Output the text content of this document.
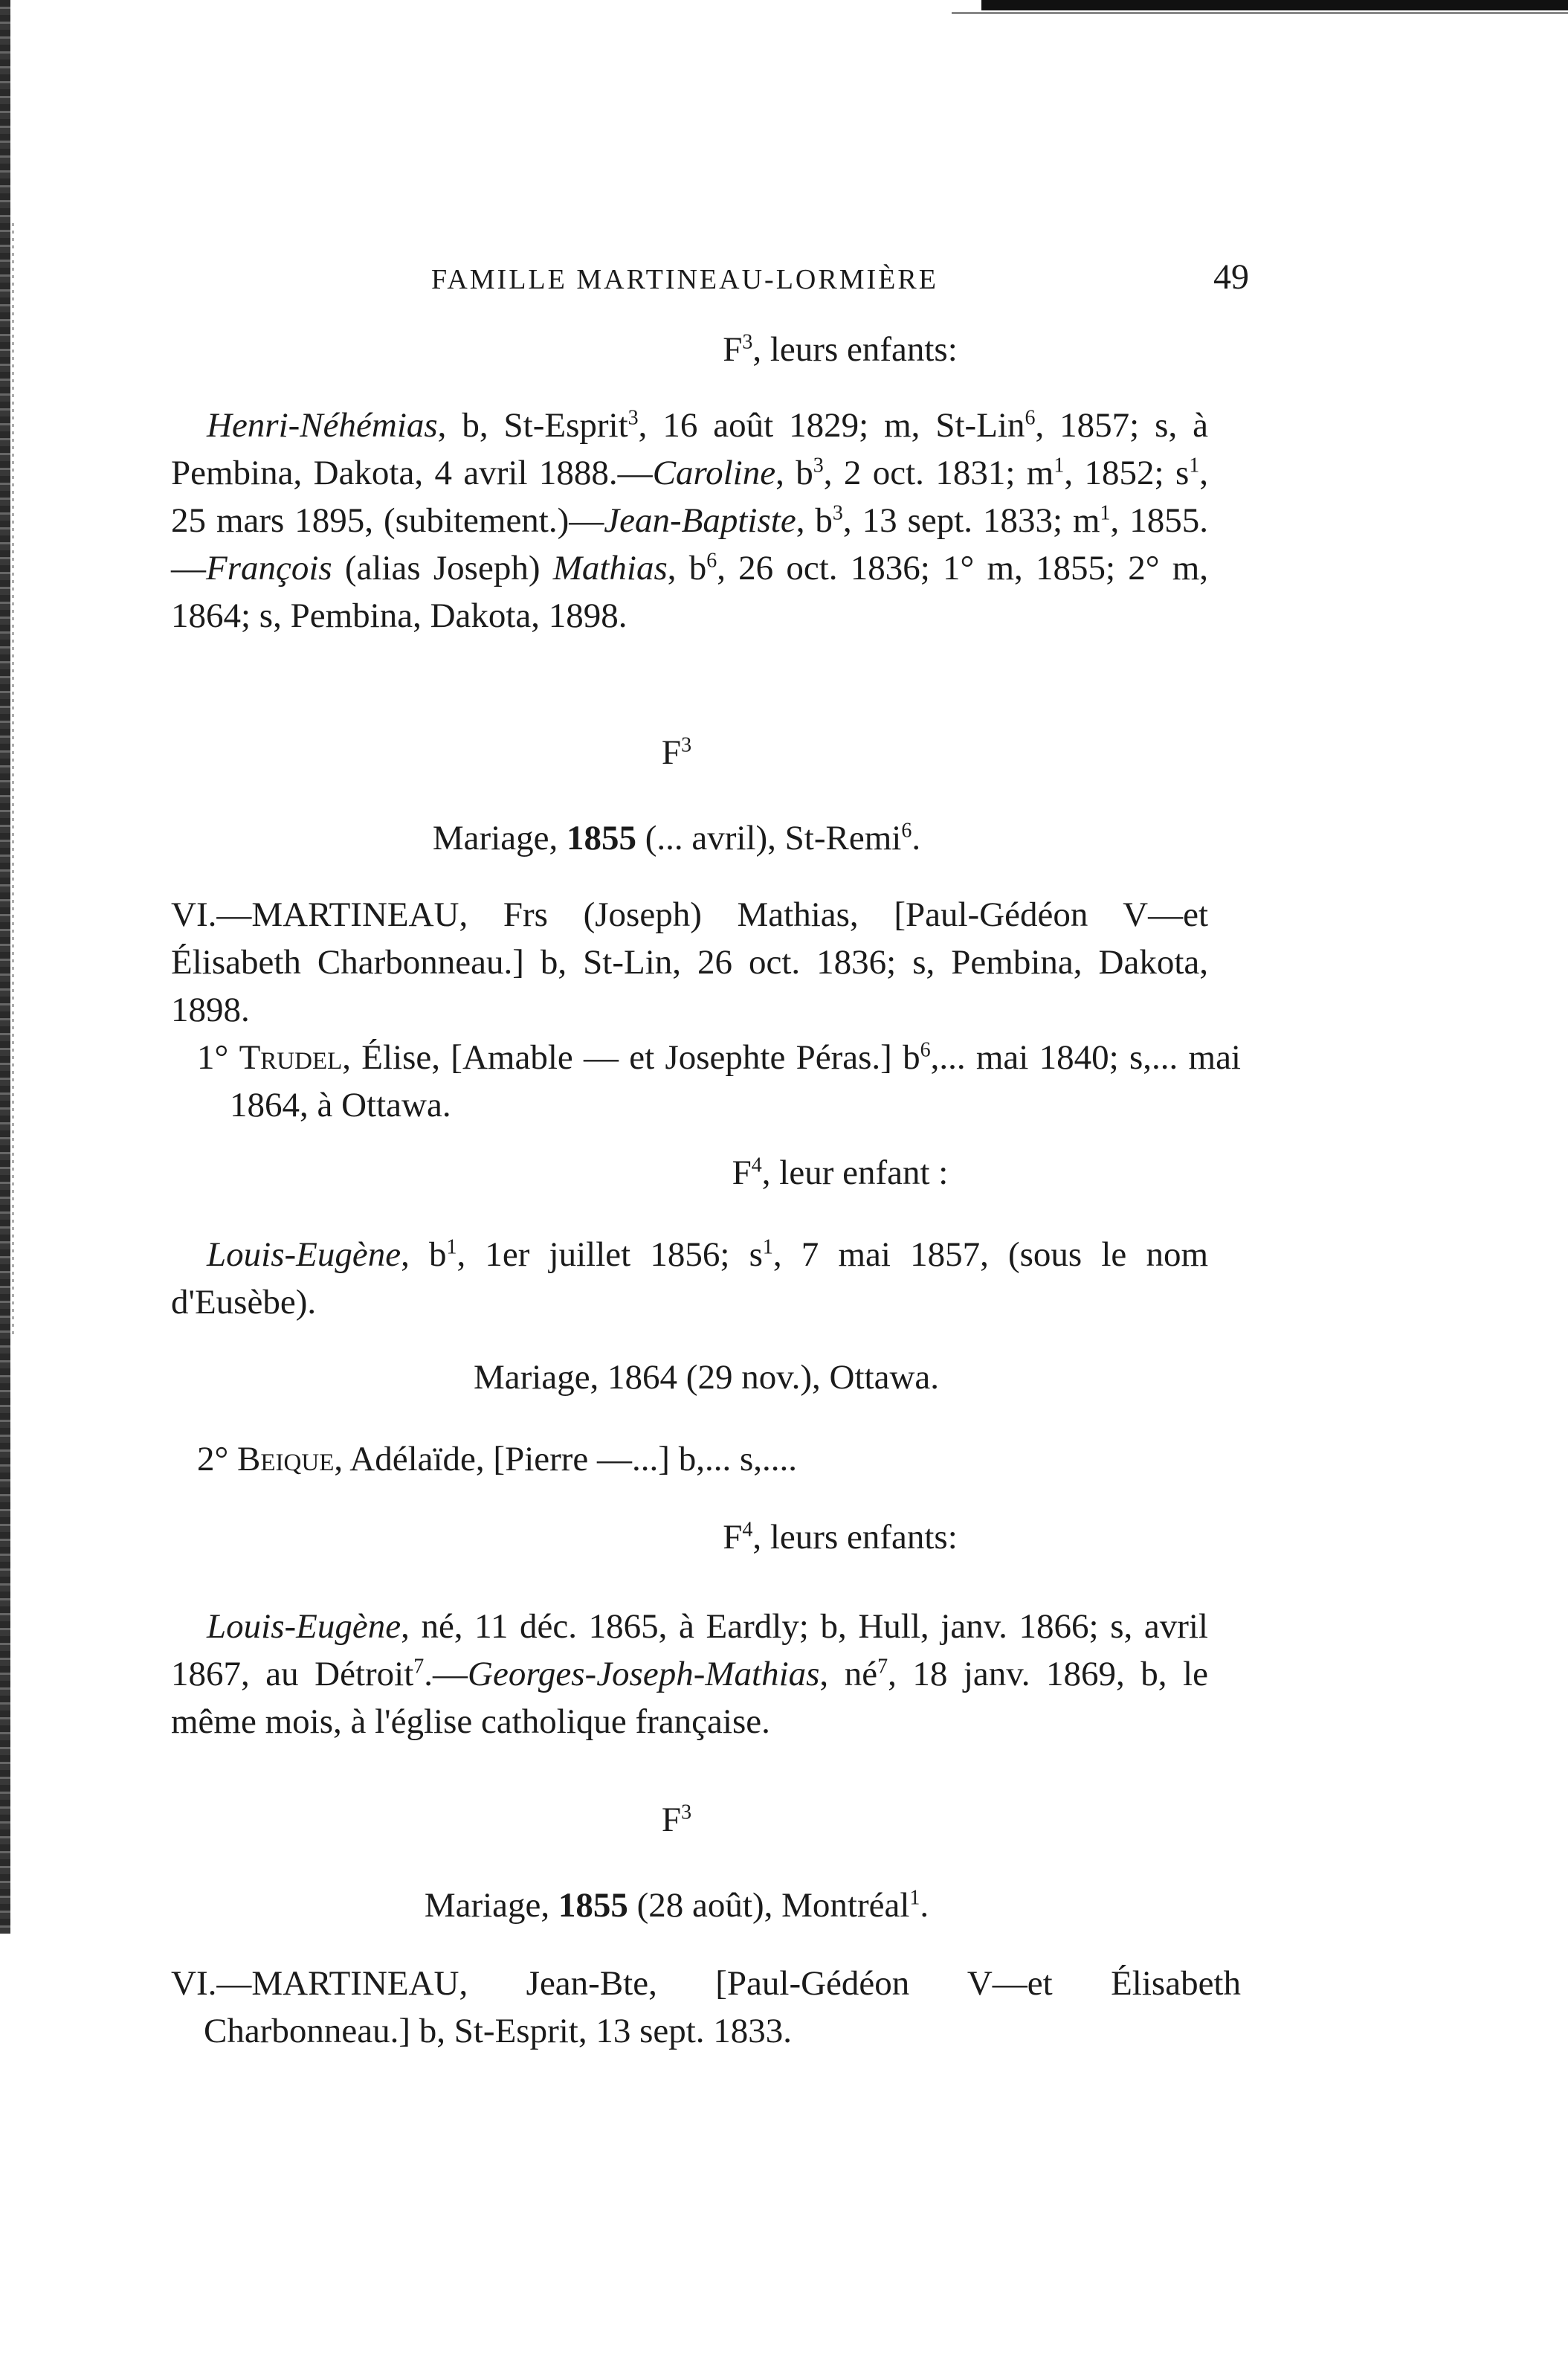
FAMILLE MARTINEAU-LORMIÈRE	49
$F^3$, leurs enfants:
Henri-Néhémias, b, St-Esprit$^3$, 16 août 1829; m, St-Lin$^6$, 1857; s, à Pembina, Dakota, 4 avril 1888.—Caroline, $b^3$, 2 oct. 1831; $m^1$, 1852; $s^1$, 25 mars 1895, (subitement.)—Jean-Baptiste, $b^3$, 13 sept. 1833; $m^1$, 1855.—François (alias Joseph) Mathias, $b^6$, 26 oct. 1836; 1° m, 1855; 2° m, 1864; s, Pembina, Dakota, 1898.
$F^3$
Mariage, 1855 (... avril), St-Remi$^6$.
VI.—MARTINEAU, Frs (Joseph) Mathias, [Paul-Gédéon V—et Élisabeth Charbonneau.] b, St-Lin, 26 oct. 1836; s, Pembina, Dakota, 1898.
1° Trudel, Élise, [Amable — et Josephte Péras.] $b^6$,... mai 1840; s,... mai 1864, à Ottawa.
$F^4$, leur enfant :
Louis-Eugène, $b^1$, 1er juillet 1856; $s^1$, 7 mai 1857, (sous le nom d'Eusèbe).
Mariage, 1864 (29 nov.), Ottawa.
2° Beique, Adélaïde, [Pierre —...] b,... s,....
$F^4$, leurs enfants:
Louis-Eugène, né, 11 déc. 1865, à Eardly; b, Hull, janv. 1866; s, avril 1867, au Détroit$^7$.—Georges-Joseph-Mathias, $né^7$, 18 janv. 1869, b, le même mois, à l'église catholique française.
$F^3$
Mariage, 1855 (28 août), Montréal$^1$.
VI.—MARTINEAU, Jean-Bte, [Paul-Gédéon V—et Élisabeth Charbonneau.] b, St-Esprit, 13 sept. 1833.
